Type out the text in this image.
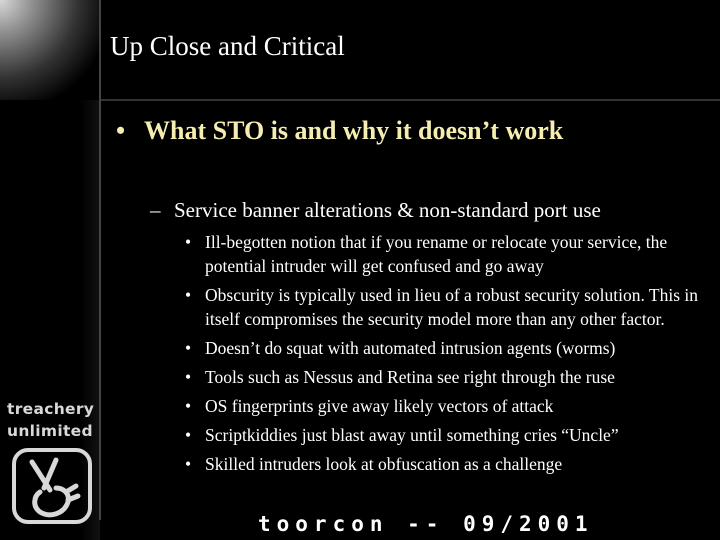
treachery
unlimited
Up Close and Critical
• What STO is and why it doesn’t work
– Service banner alterations & non-standard port use
• Ill-begotten notion that if you rename or relocate your service, the potential intruder will get confused and go away
• Obscurity is typically used in lieu of a robust security solution. This in itself compromises the security model more than any other factor.
• Doesn’t do squat with automated intrusion agents (worms)
• Tools such as Nessus and Retina see right through the ruse
• OS fingerprints give away likely vectors of attack
• Scriptkiddies just blast away until something cries “Uncle”
• Skilled intruders look at obfuscation as a challenge
toorcon -- 09/2001
